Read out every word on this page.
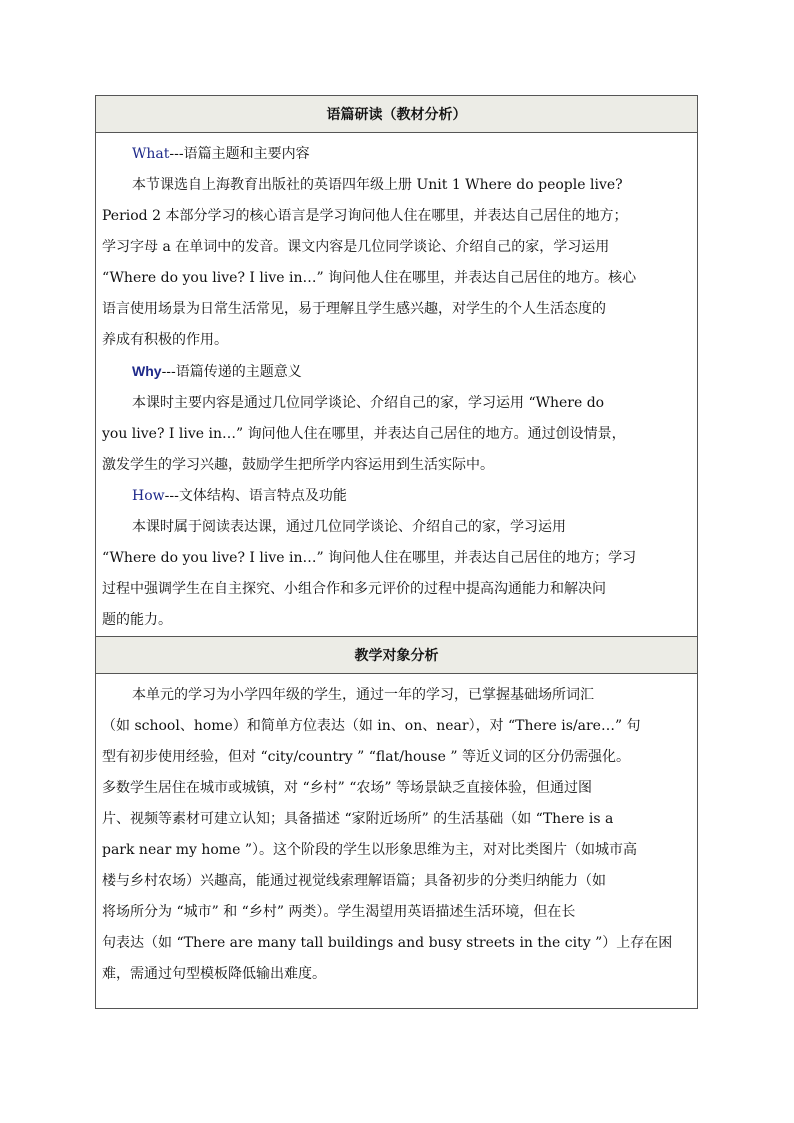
语篇研读（教材分析）
What---语篇主题和主要内容
本节课选自上海教育出版社的英语四年级上册 Unit 1 Where do people live?
Period 2 本部分学习的核心语言是学习询问他人住在哪里，并表达自己居住的地方；
学习字母 a 在单词中的发音。课文内容是几位同学谈论、介绍自己的家，学习运用
“Where do you live? I live in…” 询问他人住在哪里，并表达自己居住的地方。核心
语言使用场景为日常生活常见，易于理解且学生感兴趣，对学生的个人生活态度的
养成有积极的作用。
Why---语篇传递的主题意义
本课时主要内容是通过几位同学谈论、介绍自己的家，学习运用 “Where do
you live? I live in…” 询问他人住在哪里，并表达自己居住的地方。通过创设情景，
激发学生的学习兴趣，鼓励学生把所学内容运用到生活实际中。
How---文体结构、语言特点及功能
本课时属于阅读表达课，通过几位同学谈论、介绍自己的家，学习运用
“Where do you live? I live in…” 询问他人住在哪里，并表达自己居住的地方；学习
过程中强调学生在自主探究、小组合作和多元评价的过程中提高沟通能力和解决问
题的能力。
教学对象分析
本单元的学习为小学四年级的学生，通过一年的学习，已掌握基础场所词汇
（如 school、home）和简单方位表达（如 in、on、near），对 “There is/are…” 句
型有初步使用经验，但对 “city/country ” “flat/house ” 等近义词的区分仍需强化。
多数学生居住在城市或城镇，对 “乡村” “农场” 等场景缺乏直接体验，但通过图
片、视频等素材可建立认知；具备描述 “家附近场所” 的生活基础（如 “There is a
park near my home ”）。这个阶段的学生以形象思维为主，对对比类图片（如城市高
楼与乡村农场）兴趣高，能通过视觉线索理解语篇；具备初步的分类归纳能力（如
将场所分为 “城市” 和 “乡村” 两类）。学生渴望用英语描述生活环境，但在长
句表达（如 “There are many tall buildings and busy streets in the city ”）上存在困
难，需通过句型模板降低输出难度。
